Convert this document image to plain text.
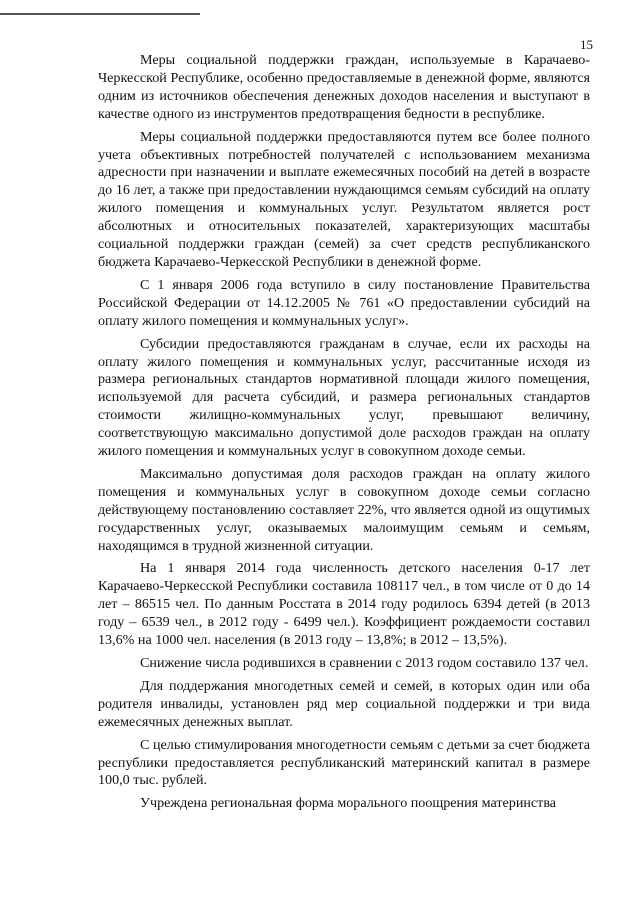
15

Меры социальной поддержки граждан, используемые в Карачаево-Черкесской Республике, особенно предоставляемые в денежной форме, являются одним из источников обеспечения денежных доходов населения и выступают в качестве одного из инструментов предотвращения бедности в республике.

Меры социальной поддержки предоставляются путем все более полного учета объективных потребностей получателей с использованием механизма адресности при назначении и выплате ежемесячных пособий на детей в возрасте до 16 лет, а также при предоставлении нуждающимся семьям субсидий на оплату жилого помещения и коммунальных услуг. Результатом является рост абсолютных и относительных показателей, характеризующих масштабы социальной поддержки граждан (семей) за счет средств республиканского бюджета Карачаево-Черкесской Республики в денежной форме.

С 1 января 2006 года вступило в силу постановление Правительства Российской Федерации от 14.12.2005 № 761 «О предоставлении субсидий на оплату жилого помещения и коммунальных услуг».

Субсидии предоставляются гражданам в случае, если их расходы на оплату жилого помещения и коммунальных услуг, рассчитанные исходя из размера региональных стандартов нормативной площади жилого помещения, используемой для расчета субсидий, и размера региональных стандартов стоимости жилищно-коммунальных услуг, превышают величину, соответствующую максимально допустимой доле расходов граждан на оплату жилого помещения и коммунальных услуг в совокупном доходе семьи.

Максимально допустимая доля расходов граждан на оплату жилого помещения и коммунальных услуг в совокупном доходе семьи согласно действующему постановлению составляет 22%, что является одной из ощутимых государственных услуг, оказываемых малоимущим семьям и семьям, находящимся в трудной жизненной ситуации.

На 1 января 2014 года численность детского населения 0-17 лет Карачаево-Черкесской Республики составила 108117 чел., в том числе от 0 до 14 лет – 86515 чел. По данным Росстата в 2014 году родилось 6394 детей (в 2013 году – 6539 чел., в 2012 году - 6499 чел.). Коэффициент рождаемости составил 13,6% на 1000 чел. населения (в 2013 году – 13,8%; в 2012 – 13,5%).

Снижение числа родившихся в сравнении с 2013 годом составило 137 чел.

Для поддержания многодетных семей и семей, в которых один или оба родителя инвалиды, установлен ряд мер социальной поддержки и три вида ежемесячных денежных выплат.

С целью стимулирования многодетности семьям с детьми за счет бюджета республики предоставляется республиканский материнский капитал в размере 100,0 тыс. рублей.

Учреждена региональная форма морального поощрения материнства
